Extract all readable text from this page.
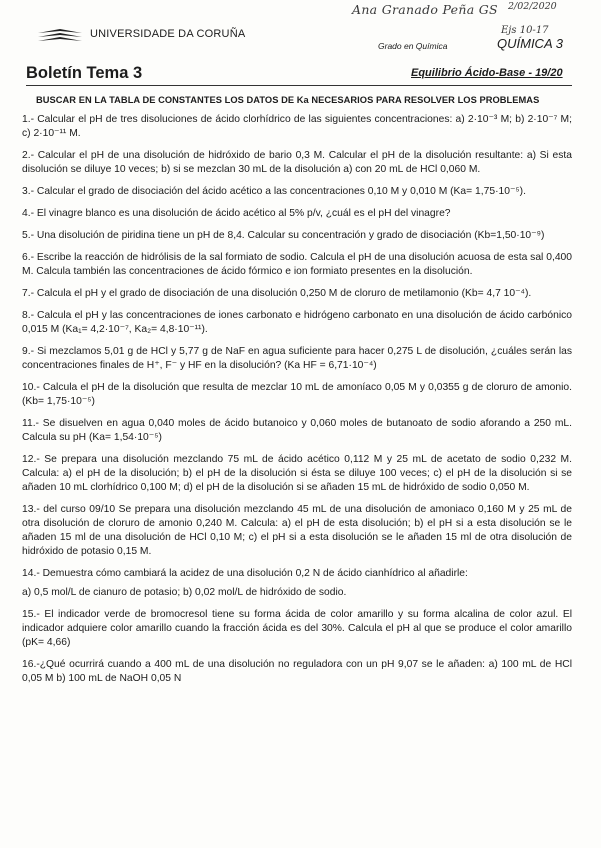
Ana Granado Peña GS 2/02/2020
Ejs 10-17
UNIVERSIDADE DA CORUÑA
Grado en Química	QUÍMICA 3
Boletín Tema 3	Equilibrio Ácido-Base - 19/20
BUSCAR EN LA TABLA DE CONSTANTES LOS DATOS DE Ka NECESARIOS PARA RESOLVER LOS PROBLEMAS
1.- Calcular el pH de tres disoluciones de ácido clorhídrico de las siguientes concentraciones: a) 2·10⁻³ M; b) 2·10⁻⁷ M; c) 2·10⁻¹¹ M.
2.- Calcular el pH de una disolución de hidróxido de bario 0,3 M. Calcular el pH de la disolución resultante: a) Si esta disolución se diluye 10 veces; b) si se mezclan 30 mL de la disolución a) con 20 mL de HCl 0,060 M.
3.- Calcular el grado de disociación del ácido acético a las concentraciones 0,10 M y 0,010 M (Ka= 1,75·10⁻⁵).
4.- El vinagre blanco es una disolución de ácido acético al 5% p/v, ¿cuál es el pH del vinagre?
5.- Una disolución de piridina tiene un pH de 8,4. Calcular su concentración y grado de disociación (Kb=1,50·10⁻⁹)
6.- Escribe la reacción de hidrólisis de la sal formiato de sodio. Calcula el pH de una disolución acuosa de esta sal 0,400 M. Calcula también las concentraciones de ácido fórmico e ion formiato presentes en la disolución.
7.- Calcula el pH y el grado de disociación de una disolución 0,250 M de cloruro de metilamonio (Kb= 4,7 10⁻⁴).
8.- Calcula el pH y las concentraciones de iones carbonato e hidrógeno carbonato en una disolución de ácido carbónico 0,015 M (Ka₁= 4,2·10⁻⁷, Ka₂= 4,8·10⁻¹¹).
9.- Si mezclamos 5,01 g de HCl y 5,77 g de NaF en agua suficiente para hacer 0,275 L de disolución, ¿cuáles serán las concentraciones finales de H⁺, F⁻ y HF en la disolución? (Ka HF = 6,71·10⁻⁴)
10.- Calcula el pH de la disolución que resulta de mezclar 10 mL de amoníaco 0,05 M y 0,0355 g de cloruro de amonio. (Kb= 1,75·10⁻⁵)
11.- Se disuelven en agua 0,040 moles de ácido butanoico y 0,060 moles de butanoato de sodio aforando a 250 mL. Calcula su pH (Ka= 1,54·10⁻⁵)
12.- Se prepara una disolución mezclando 75 mL de ácido acético 0,112 M y 25 mL de acetato de sodio 0,232 M. Calcula: a) el pH de la disolución; b) el pH de la disolución si ésta se diluye 100 veces; c) el pH de la disolución si se añaden 10 mL clorhídrico 0,100 M; d) el pH de la disolución si se añaden 15 mL de hidróxido de sodio 0,050 M.
13.- del curso 09/10 Se prepara una disolución mezclando 45 mL de una disolución de amoniaco 0,160 M y 25 mL de otra disolución de cloruro de amonio 0,240 M. Calcula: a) el pH de esta disolución; b) el pH si a esta disolución se le añaden 15 ml de una disolución de HCl 0,10 M; c) el pH si a esta disolución se le añaden 15 ml de otra disolución de hidróxido de potasio 0,15 M.
14.- Demuestra cómo cambiará la acidez de una disolución 0,2 N de ácido cianhídrico al añadirle:
a) 0,5 mol/L de cianuro de potasio; b) 0,02 mol/L de hidróxido de sodio.
15.- El indicador verde de bromocresol tiene su forma ácida de color amarillo y su forma alcalina de color azul. El indicador adquiere color amarillo cuando la fracción ácida es del 30%. Calcula el pH al que se produce el color amarillo (pK= 4,66)
16.-¿Qué ocurrirá cuando a 400 mL de una disolución no reguladora con un pH 9,07 se le añaden: a) 100 mL de HCl 0,05 M b) 100 mL de NaOH 0,05 N
